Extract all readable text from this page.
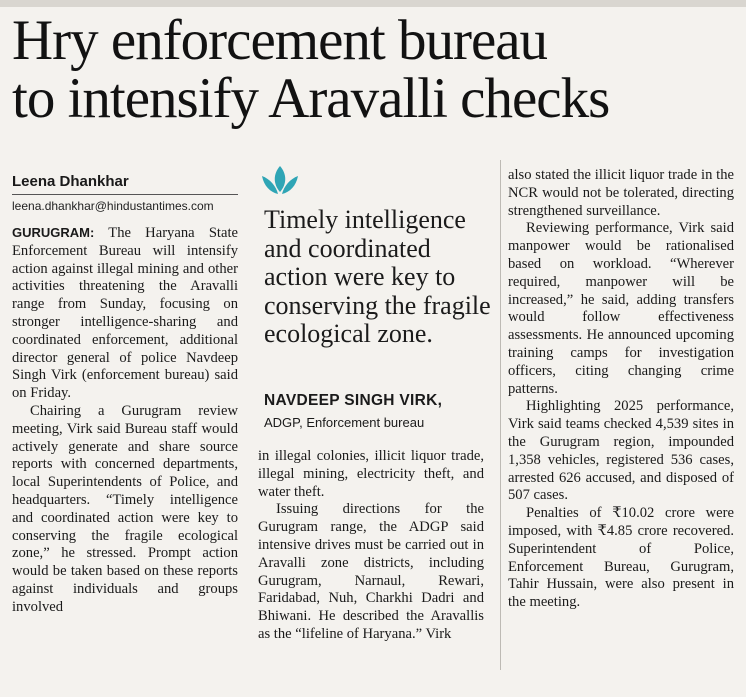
Hry enforcement bureau
to intensify Aravalli checks
Leena Dhankhar
leena.dhankhar@hindustantimes.com

GURUGRAM: The Haryana State Enforcement Bureau will intensify action against illegal mining and other activities threatening the Aravalli range from Sunday, focusing on stronger intelligence-sharing and coordinated enforcement, additional director general of police Navdeep Singh Virk (enforcement bureau) said on Friday.

Chairing a Gurugram review meeting, Virk said Bureau staff would actively generate and share source reports with concerned departments, local Superintendents of Police, and headquarters. “Timely intelligence and coordinated action were key to conserving the fragile ecological zone,” he stressed. Prompt action would be taken based on these reports against individuals and groups involved

Timely intelligence and coordinated action were key to conserving the fragile ecological zone.
NAVDEEP SINGH VIRK,
ADGP, Enforcement bureau

in illegal colonies, illicit liquor trade, illegal mining, electricity theft, and water theft.

Issuing directions for the Gurugram range, the ADGP said intensive drives must be carried out in Aravalli zone districts, including Gurugram, Narnaul, Rewari, Faridabad, Nuh, Charkhi Dadri and Bhiwani. He described the Aravallis as the “lifeline of Haryana.” Virk

also stated the illicit liquor trade in the NCR would not be tolerated, directing strengthened surveillance.

Reviewing performance, Virk said manpower would be rationalised based on workload. “Wherever required, manpower will be increased,” he said, adding transfers would follow effectiveness assessments. He announced upcoming training camps for investigation officers, citing changing crime patterns.

Highlighting 2025 performance, Virk said teams checked 4,539 sites in the Gurugram region, impounded 1,358 vehicles, registered 536 cases, arrested 626 accused, and disposed of 507 cases.

Penalties of ₹10.02 crore were imposed, with ₹4.85 crore recovered. Superintendent of Police, Enforcement Bureau, Gurugram, Tahir Hussain, were also present in the meeting.
